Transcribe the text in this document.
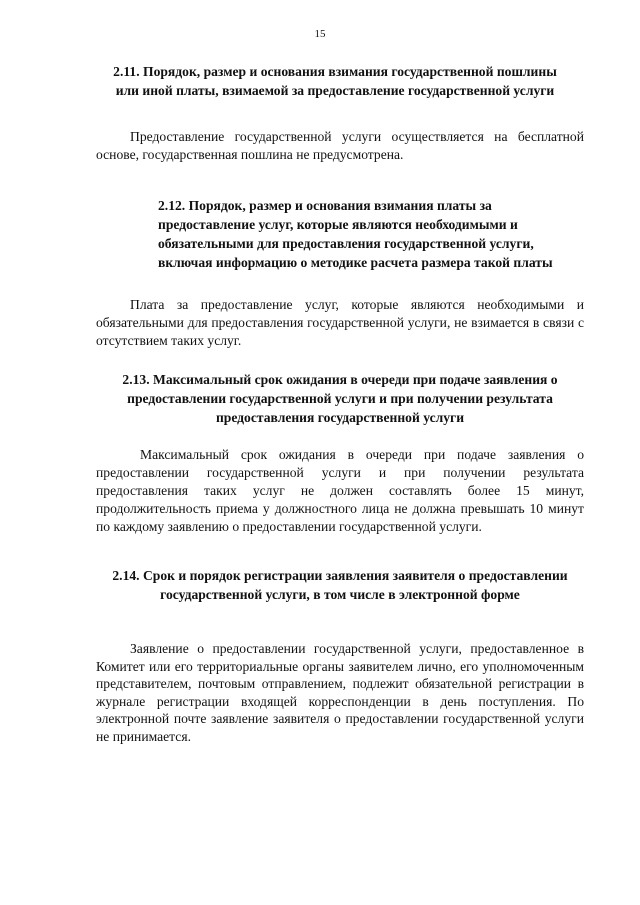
15

2.11. Порядок, размер и основания взимания государственной пошлины или иной платы, взимаемой за предоставление государственной услуги

Предоставление государственной услуги осуществляется на бесплатной основе, государственная пошлина не предусмотрена.

2.12. Порядок, размер и основания взимания платы за предоставление услуг, которые являются необходимыми и обязательными для предоставления государственной услуги, включая информацию о методике расчета размера такой платы

Плата за предоставление услуг, которые являются необходимыми и обязательными для предоставления государственной услуги, не взимается в связи с отсутствием таких услуг.

2.13. Максимальный срок ожидания в очереди при подаче заявления о предоставлении государственной услуги и при получении результата предоставления государственной услуги

Максимальный срок ожидания в очереди при подаче заявления о предоставлении государственной услуги и при получении результата предоставления таких услуг не должен составлять более 15 минут, продолжительность приема у должностного лица не должна превышать 10 минут по каждому заявлению о предоставлении государственной услуги.

2.14. Срок и порядок регистрации заявления заявителя о предоставлении государственной услуги, в том числе в электронной форме

Заявление о предоставлении государственной услуги, предоставленное в Комитет или его территориальные органы заявителем лично, его уполномоченным представителем, почтовым отправлением, подлежит обязательной регистрации в журнале регистрации входящей корреспонденции в день поступления. По электронной почте заявление заявителя о предоставлении государственной услуги не принимается.
